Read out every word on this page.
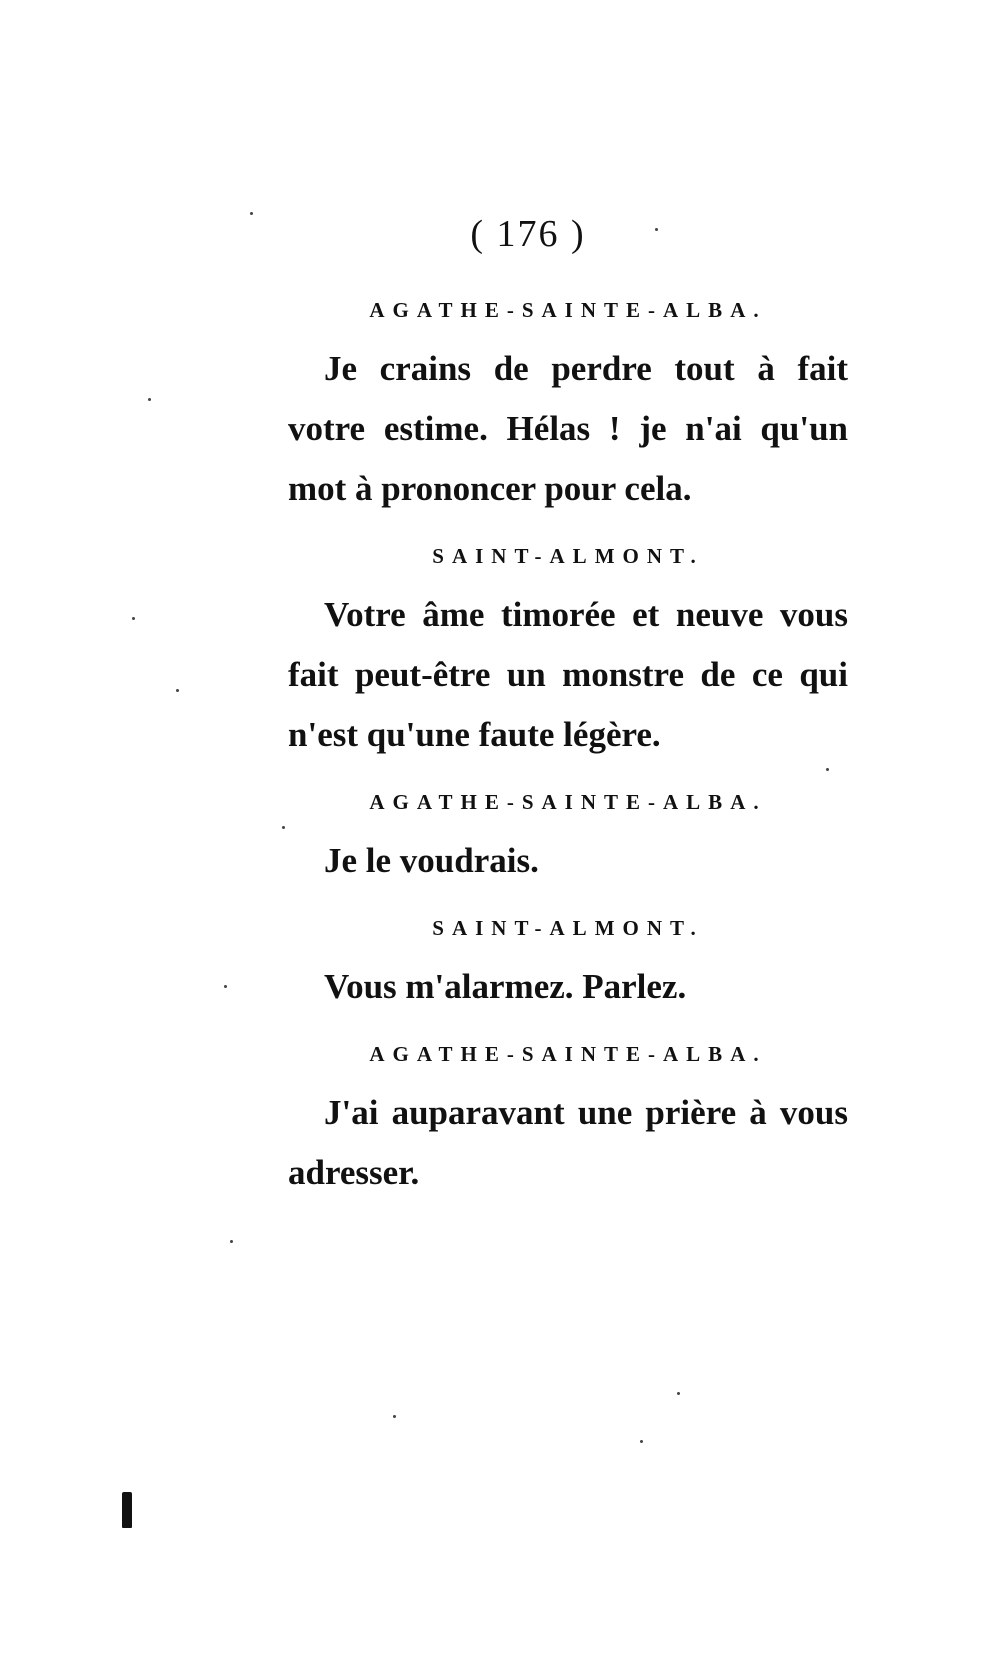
( 176 )
AGATHE-SAINTE-ALBA.

Je crains de perdre tout à fait votre estime. Hélas ! je n'ai qu'un mot à prononcer pour cela.

SAINT-ALMONT.

Votre âme timorée et neuve vous fait peut-être un monstre de ce qui n'est qu'une faute légère.

AGATHE-SAINTE-ALBA.

Je le voudrais.

SAINT-ALMONT.

Vous m'alarmez. Parlez.

AGATHE-SAINTE-ALBA.

J'ai auparavant une prière à vous adresser.
